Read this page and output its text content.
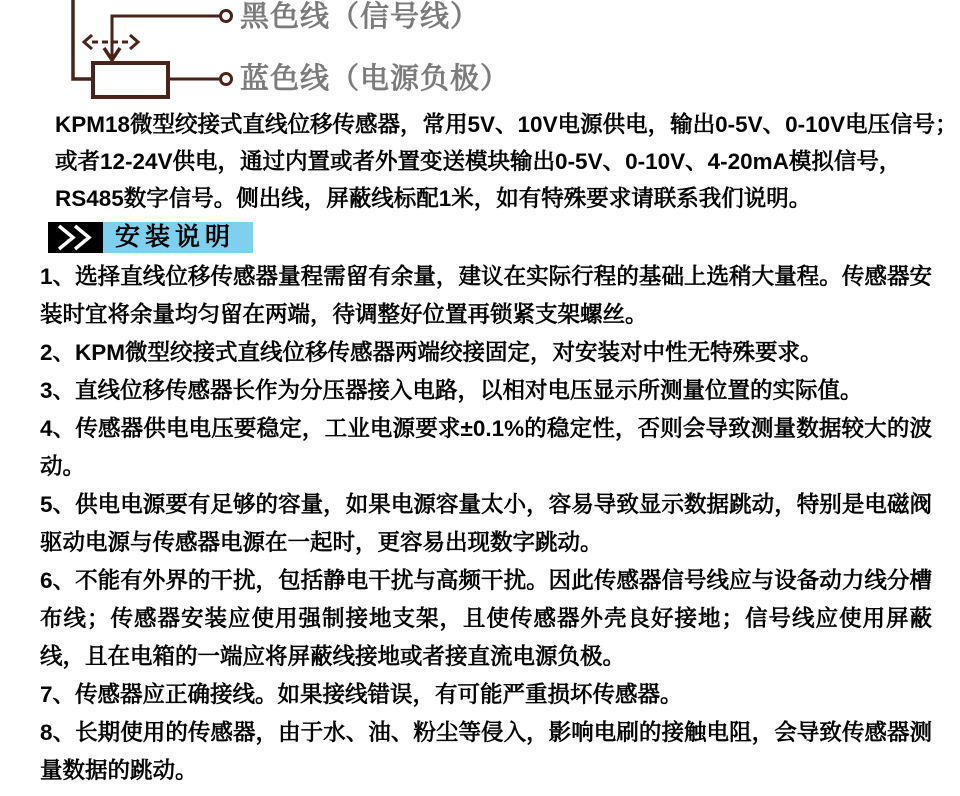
黑色线（信号线）
蓝色线（电源负极）
KPM18微型绞接式直线位移传感器，常用5V、10V电源供电，输出0-5V、0-10V电压信号；
或者12-24V供电，通过内置或者外置变送模块输出0-5V、0-10V、4-20mA模拟信号，
RS485数字信号。侧出线，屏蔽线标配1米，如有特殊要求请联系我们说明。
安装说明
1、选择直线位移传感器量程需留有余量，建议在实际行程的基础上选稍大量程。传感器安装时宜将余量均匀留在两端，待调整好位置再锁紧支架螺丝。
2、KPM微型绞接式直线位移传感器两端绞接固定，对安装对中性无特殊要求。
3、直线位移传感器长作为分压器接入电路，以相对电压显示所测量位置的实际值。
4、传感器供电电压要稳定，工业电源要求±0.1%的稳定性，否则会导致测量数据较大的波动。
5、供电电源要有足够的容量，如果电源容量太小，容易导致显示数据跳动，特别是电磁阀驱动电源与传感器电源在一起时，更容易出现数字跳动。
6、不能有外界的干扰，包括静电干扰与高频干扰。因此传感器信号线应与设备动力线分槽布线；传感器安装应使用强制接地支架，且使传感器外壳良好接地；信号线应使用屏蔽线，且在电箱的一端应将屏蔽线接地或者接直流电源负极。
7、传感器应正确接线。如果接线错误，有可能严重损坏传感器。
8、长期使用的传感器，由于水、油、粉尘等侵入，影响电刷的接触电阻，会导致传感器测量数据的跳动。
